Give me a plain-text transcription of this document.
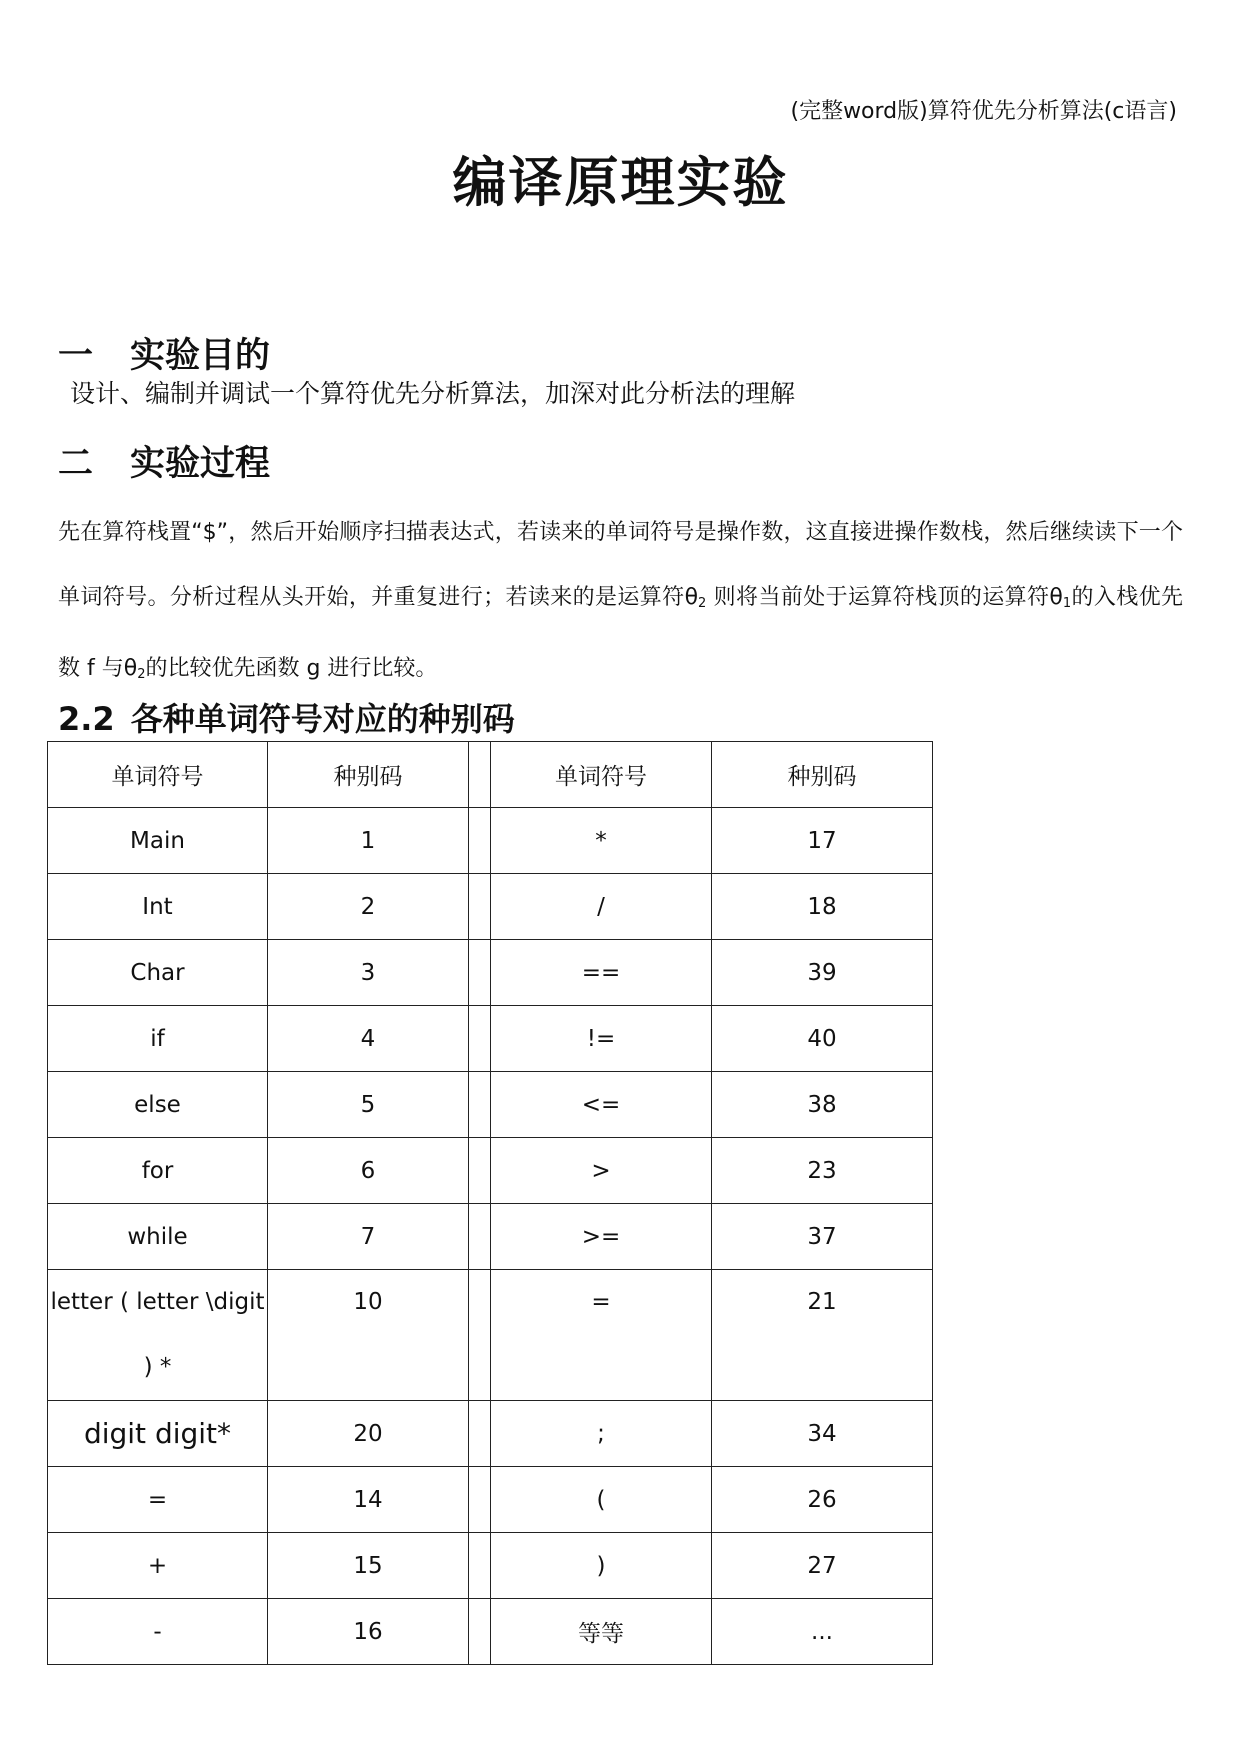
(完整word版)算符优先分析算法(c语言)
编译原理实验
一 实验目的
设计、编制并调试一个算符优先分析算法，加深对此分析法的理解
二 实验过程
先在算符栈置“$”，然后开始顺序扫描表达式，若读来的单词符号是操作数，这直接进操作数栈，然后继续读下一个单词符号。分析过程从头开始，并重复进行；若读来的是运算符$\theta_2$ 则将当前处于运算符栈顶的运算符$\theta_1$的入栈优先数 f 与$\theta_2$的比较优先函数 g 进行比较。
2.2 各种单词符号对应的种别码
单词符号	种别码		单词符号	种别码
Main	1		*	17
Int	2		/	18
Char	3		==	39
if	4		!=	40
else	5		<=	38
for	6		>	23
while	7		>=	37
letter ( letter \digit ) *	10		=	21
digit digit*	20		;	34
=	14		(	26
+	15		)	27
-	16		等等	...
